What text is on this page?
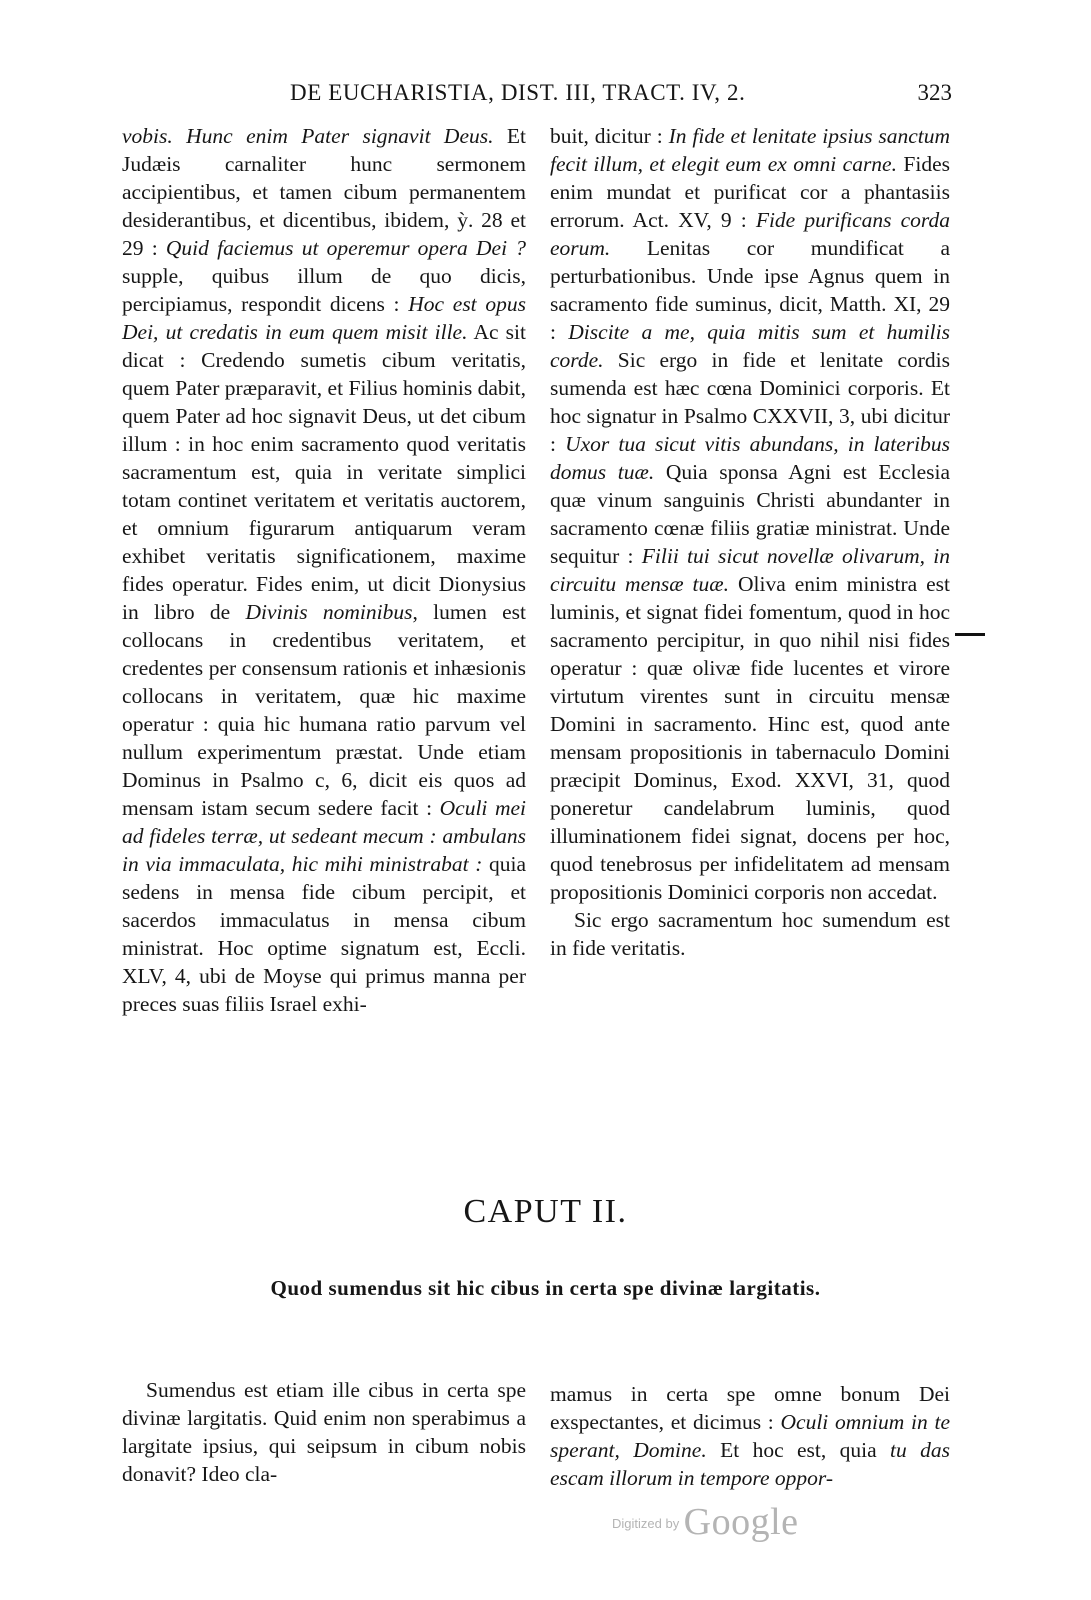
DE EUCHARISTIA, DIST. III, TRACT. IV, 2.	323

vobis. Hunc enim Pater signavit Deus. Et Judæis carnaliter hunc sermonem accipientibus, et tamen cibum permanentem desiderantibus, et dicentibus, ibidem, ỳ. 28 et 29 : Quid faciemus ut operemur opera Dei ? supple, quibus illum de quo dicis, percipiamus, respondit dicens : Hoc est opus Dei, ut credatis in eum quem misit ille. Ac sit dicat : Credendo sumetis cibum veritatis, quem Pater præparavit, et Filius hominis dabit, quem Pater ad hoc signavit Deus, ut det cibum illum : in hoc enim sacramento quod veritatis sacramentum est, quia in veritate simplici totam continet veritatem et veritatis auctorem, et omnium figurarum antiquarum veram exhibet veritatis significationem, maxime fides operatur. Fides enim, ut dicit Dionysius in libro de Divinis nominibus, lumen est collocans in credentibus veritatem, et credentes per consensum rationis et inhæsionis collocans in veritatem, quæ hic maxime operatur : quia hic humana ratio parvum vel nullum experimentum præstat. Unde etiam Dominus in Psalmo c, 6, dicit eis quos ad mensam istam secum sedere facit : Oculi mei ad fideles terræ, ut sedeant mecum : ambulans in via immaculata, hic mihi ministrabat : quia sedens in mensa fide cibum percipit, et sacerdos immaculatus in mensa cibum ministrat. Hoc optime signatum est, Eccli. XLV, 4, ubi de Moyse qui primus manna per preces suas filiis Israel exhi-

buit, dicitur : In fide et lenitate ipsius sanctum fecit illum, et elegit eum ex omni carne. Fides enim mundat et purificat cor a phantasiis errorum. Act. XV, 9 : Fide purificans corda eorum. Lenitas cor mundificat a perturbationibus. Unde ipse Agnus quem in sacramento fide suminus, dicit, Matth. XI, 29 : Discite a me, quia mitis sum et humilis corde. Sic ergo in fide et lenitate cordis sumenda est hæc cœna Dominici corporis. Et hoc signatur in Psalmo CXXVII, 3, ubi dicitur : Uxor tua sicut vitis abundans, in lateribus domus tuæ. Quia sponsa Agni est Ecclesia quæ vinum sanguinis Christi abundanter in sacramento cœnæ filiis gratiæ ministrat. Unde sequitur : Filii tui sicut novellæ olivarum, in circuitu mensæ tuæ. Oliva enim ministra est luminis, et signat fidei fomentum, quod in hoc sacramento percipitur, in quo nihil nisi fides operatur : quæ olivæ fide lucentes et virore virtutum virentes sunt in circuitu mensæ Domini in sacramento. Hinc est, quod ante mensam propositionis in tabernaculo Domini præcipit Dominus, Exod. XXVI, 31, quod poneretur candelabrum luminis, quod illuminationem fidei signat, docens per hoc, quod tenebrosus per infidelitatem ad mensam propositionis Dominici corporis non accedat.

Sic ergo sacramentum hoc sumendum est in fide veritatis.

CAPUT II.
Quod sumendus sit hic cibus in certa spe divinæ largitatis.

Sumendus est etiam ille cibus in certa spe divinæ largitatis. Quid enim non sperabimus a largitate ipsius, qui seipsum in cibum nobis donavit? Ideo cla-

mamus in certa spe omne bonum Dei exspectantes, et dicimus : Oculi omnium in te sperant, Domine. Et hoc est, quia tu das escam illorum in tempore oppor-

$^{Digitized by}$ Google
